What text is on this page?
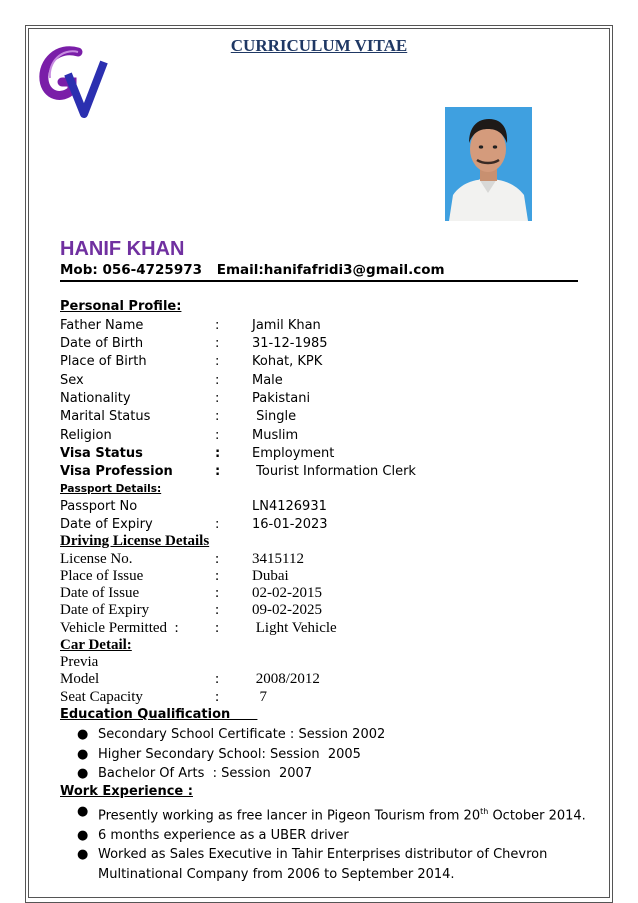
CURRICULUM VITAE
HANIF KHAN
Mob: 056-4725973 Email:hanifafridi3@gmail.com
Personal Profile:
Father Name	:	Jamil Khan
Date of Birth	:	31-12-1985
Place of Birth	:	Kohat, KPK
Sex	:	Male
Nationality	:	Pakistani
Marital Status	:	Single
Religion	:	Muslim
Visa Status	: Employment
Visa Profession	: Tourist Information Clerk
Passport Details:
Passport No	LN4126931
Date of Expiry	:	16-01-2023
Driving License Details
License No.	: 3415112
Place of Issue	: Dubai
Date of Issue	: 02-02-2015
Date of Expiry	: 09-02-2025
Vehicle Permitted  : : Light Vehicle
Car Detail:
Previa
Model	: 2008/2012
Seat Capacity	: 7
Education Qualification
● Secondary School Certificate : Session 2002
● Higher Secondary School: Session  2005
● Bachelor Of Arts  : Session  2007
Work Experience :
● Presently working as free lancer in Pigeon Tourism from 20th October 2014.
● 6 months experience as a UBER driver
● Worked as Sales Executive in Tahir Enterprises distributor of Chevron
Multinational Company from 2006 to September 2014.
